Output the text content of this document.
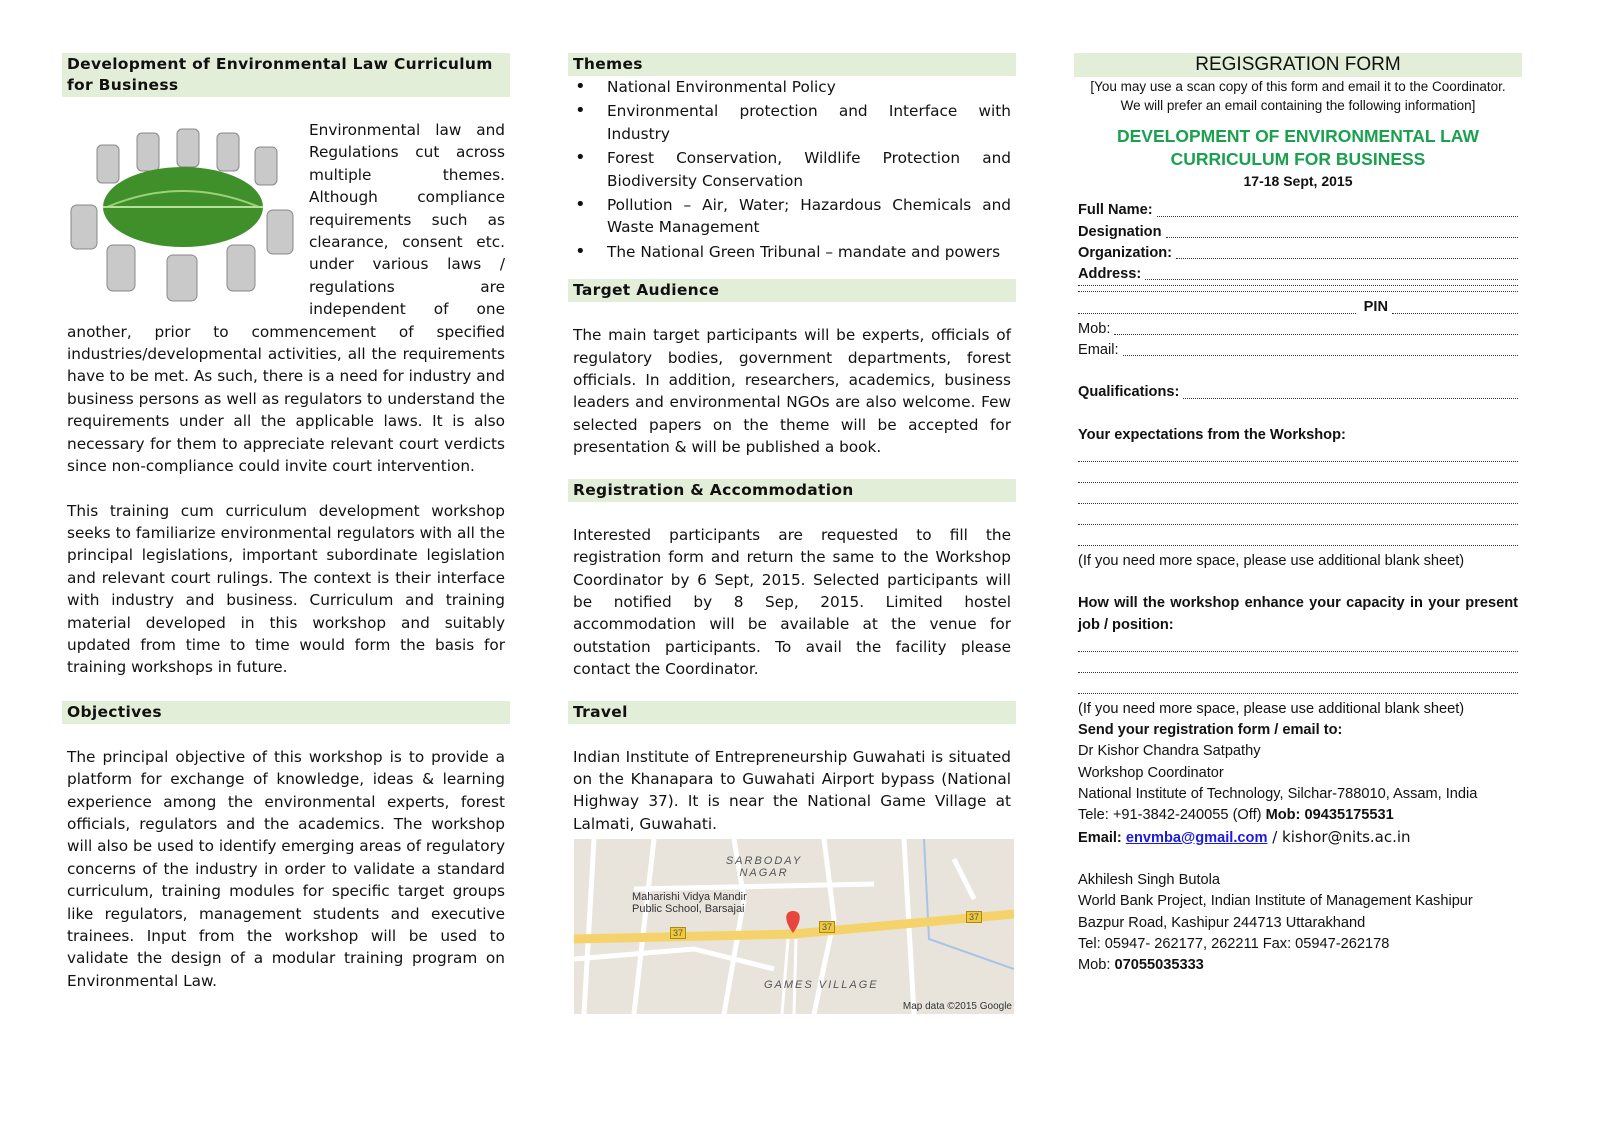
Development of Environmental Law Curriculum for Business
Environmental law and Regulations cut across multiple themes. Although compliance requirements such as clearance, consent etc. under various laws / regulations are independent of one another, prior to commencement of specified industries/developmental activities, all the requirements have to be met. As such, there is a need for industry and business persons as well as regulators to understand the requirements under all the applicable laws. It is also necessary for them to appreciate relevant court verdicts since non-compliance could invite court intervention.
This training cum curriculum development workshop seeks to familiarize environmental regulators with all the principal legislations, important subordinate legislation and relevant court rulings. The context is their interface with industry and business. Curriculum and training material developed in this workshop and suitably updated from time to time would form the basis for training workshops in future.
Objectives
The principal objective of this workshop is to provide a platform for exchange of knowledge, ideas & learning experience among the environmental experts, forest officials, regulators and the academics. The workshop will also be used to identify emerging areas of regulatory concerns of the industry in order to validate a standard curriculum, training modules for specific target groups like regulators, management students and executive trainees. Input from the workshop will be used to validate the design of a modular training program on Environmental Law.
Themes
• National Environmental Policy
• Environmental protection and Interface with Industry
• Forest Conservation, Wildlife Protection and Biodiversity Conservation
• Pollution – Air, Water; Hazardous Chemicals and Waste Management
• The National Green Tribunal – mandate and powers
Target Audience
The main target participants will be experts, officials of regulatory bodies, government departments, forest officials. In addition, researchers, academics, business leaders and environmental NGOs are also welcome. Few selected papers on the theme will be accepted for presentation & will be published a book.
Registration & Accommodation
Interested participants are requested to fill the registration form and return the same to the Workshop Coordinator by 6 Sept, 2015. Selected participants will be notified by 8 Sep, 2015. Limited hostel accommodation will be available at the venue for outstation participants. To avail the facility please contact the Coordinator.
Travel
Indian Institute of Entrepreneurship Guwahati is situated on the Khanapara to Guwahati Airport bypass (National Highway 37). It is near the National Game Village at Lalmati, Guwahati.
SARBODAY NAGAR
Maharishi Vidya Mandir Public School, Barsajai
37
37
37
GAMES VILLAGE
Map data ©2015 Google
REGISGRATION FORM
[You may use a scan copy of this form and email it to the Coordinator.
We will prefer an email containing the following information]
DEVELOPMENT OF ENVIRONMENTAL LAW
CURRICULUM FOR BUSINESS
17-18 Sept, 2015
Full Name:
Designation
Organization:
Address:
PIN
Mob:
Email:
Qualifications:
Your expectations from the Workshop:
(If you need more space, please use additional blank sheet)
How will the workshop enhance your capacity in your present job / position:
(If you need more space, please use additional blank sheet)
Send your registration form / email to:
Dr Kishor Chandra Satpathy
Workshop Coordinator
National Institute of Technology, Silchar-788010, Assam, India
Tele: +91-3842-240055 (Off) Mob: 09435175531
Email: envmba@gmail.com / kishor@nits.ac.in
Akhilesh Singh Butola
World Bank Project, Indian Institute of Management Kashipur
Bazpur Road, Kashipur 244713 Uttarakhand
Tel: 05947- 262177, 262211 Fax: 05947-262178
Mob: 07055035333
